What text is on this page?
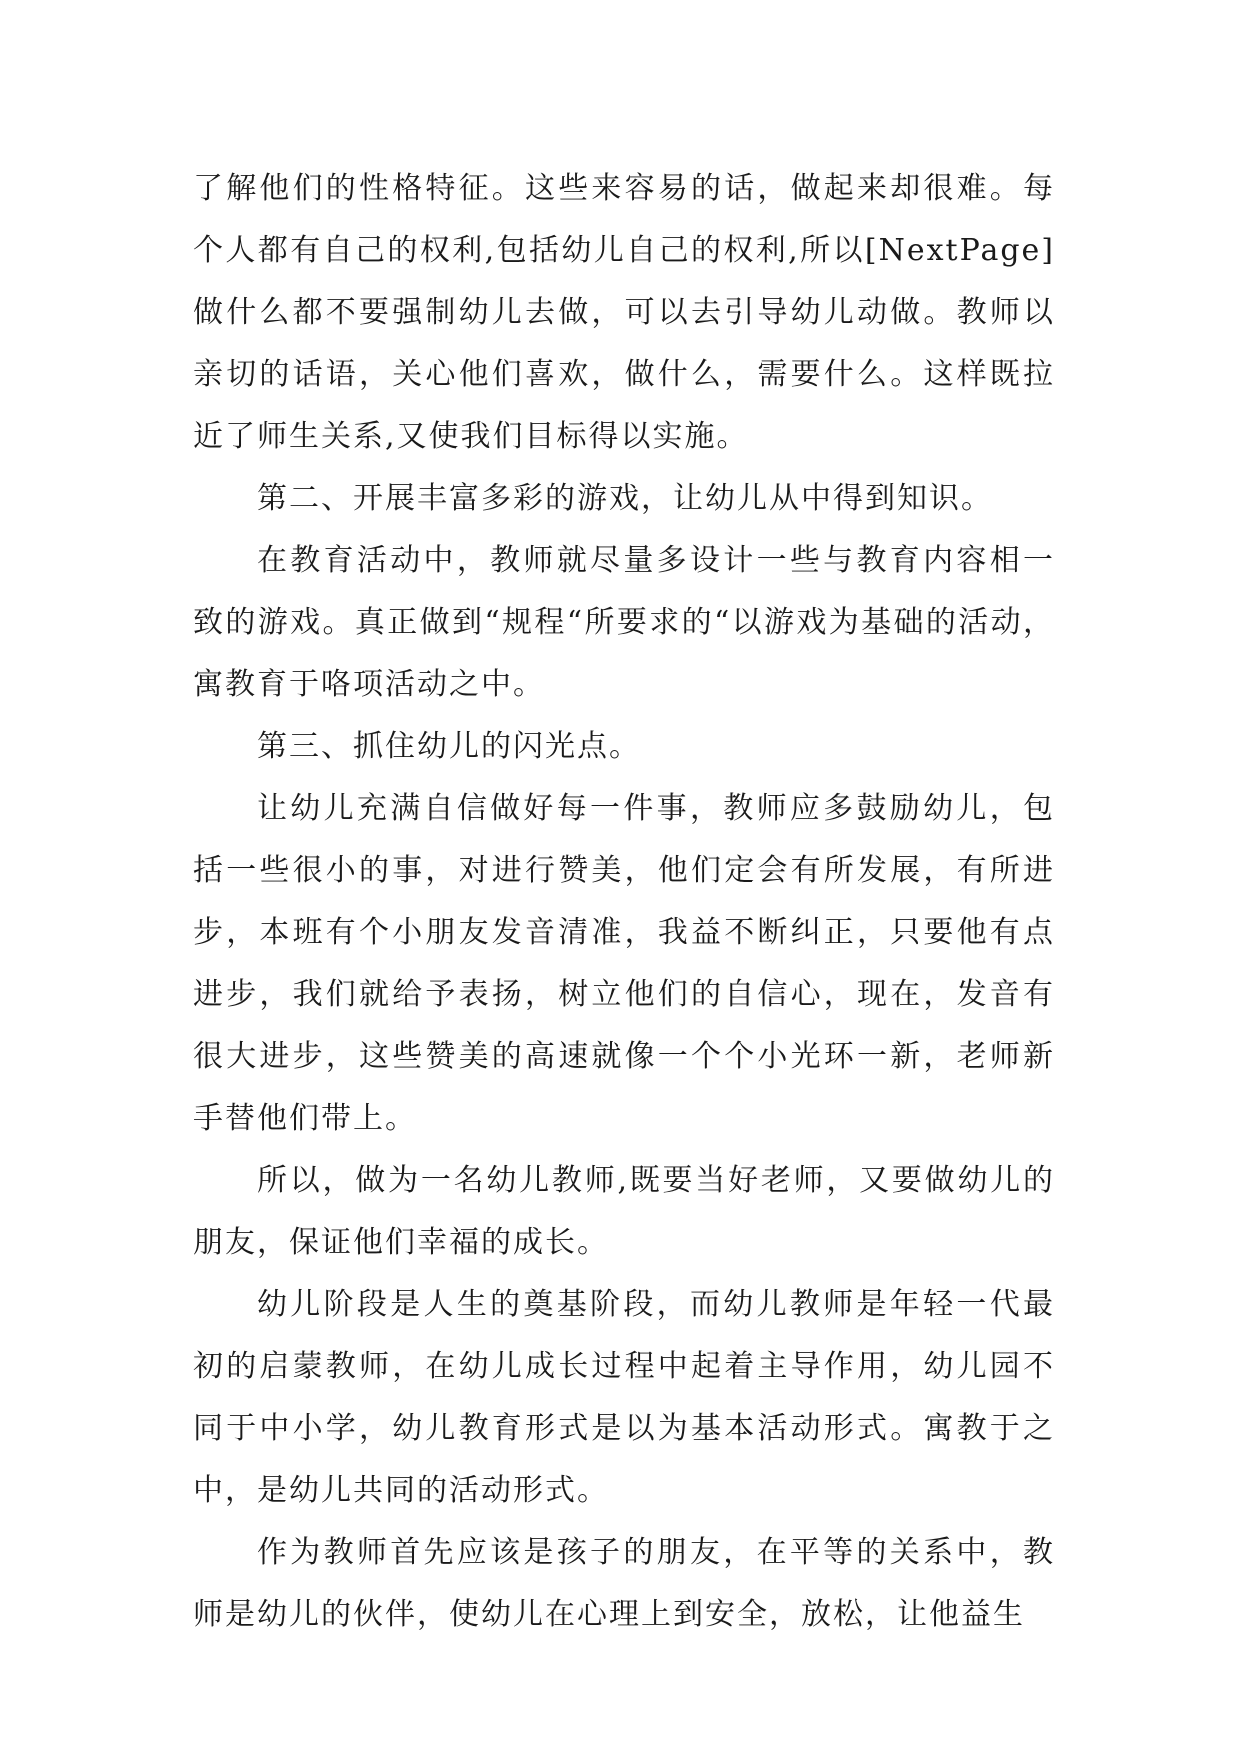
了解他们的性格特征。这些来容易的话，做起来却很难。每个人都有自己的权利,包括幼儿自己的权利,所以[NextPage]做什么都不要强制幼儿去做，可以去引导幼儿动做。教师以亲切的话语，关心他们喜欢，做什么，需要什么。这样既拉近了师生关系,又使我们目标得以实施。

第二、开展丰富多彩的游戏，让幼儿从中得到知识。

在教育活动中，教师就尽量多设计一些与教育内容相一致的游戏。真正做到“规程“所要求的“以游戏为基础的活动，寓教育于咯项活动之中。

第三、抓住幼儿的闪光点。

让幼儿充满自信做好每一件事，教师应多鼓励幼儿，包括一些很小的事，对进行赞美，他们定会有所发展，有所进步，本班有个小朋友发音清准，我益不断纠正，只要他有点进步，我们就给予表扬，树立他们的自信心，现在，发音有很大进步，这些赞美的高速就像一个个小光环一新，老师新手替他们带上。

所以，做为一名幼儿教师,既要当好老师，又要做幼儿的朋友，保证他们幸福的成长。

幼儿阶段是人生的奠基阶段，而幼儿教师是年轻一代最初的启蒙教师，在幼儿成长过程中起着主导作用，幼儿园不同于中小学，幼儿教育形式是以为基本活动形式。寓教于之中，是幼儿共同的活动形式。

作为教师首先应该是孩子的朋友，在平等的关系中，教师是幼儿的伙伴，使幼儿在心理上到安全，放松，让他益生
